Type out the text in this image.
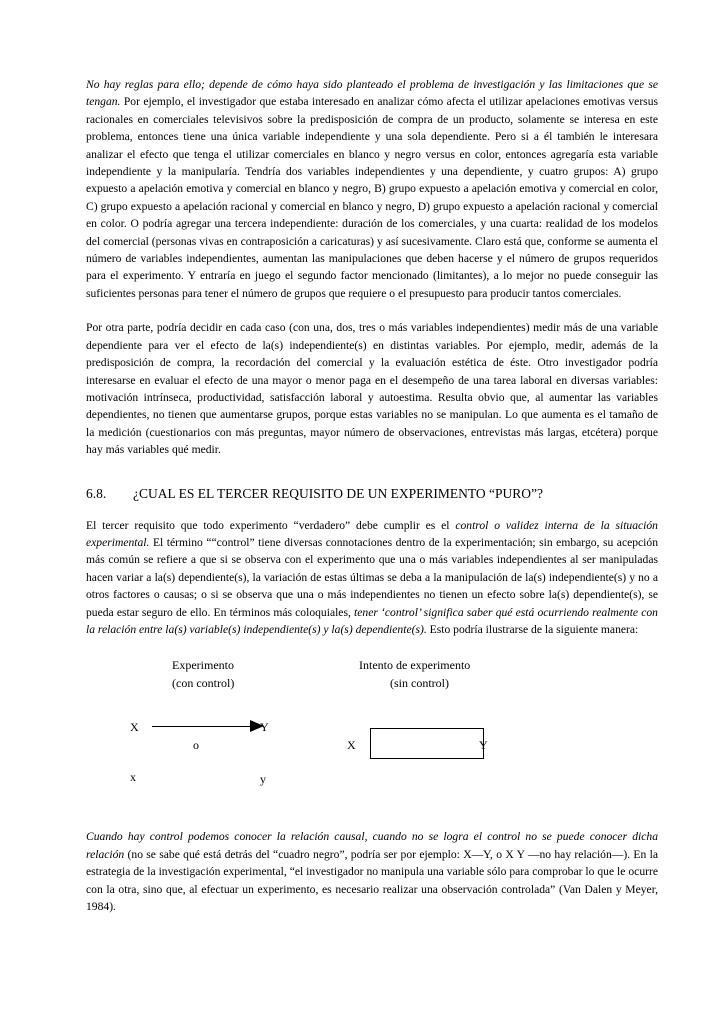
No hay reglas para ello; depende de cómo haya sido planteado el problema de investigación y las limitaciones que se tengan. Por ejemplo, el investigador que estaba interesado en analizar cómo afecta el utilizar apelaciones emotivas versus racionales en comerciales televisivos sobre la predisposición de compra de un producto, solamente se interesa en este problema, entonces tiene una única variable independiente y una sola dependiente. Pero si a él también le interesara analizar el efecto que tenga el utilizar comerciales en blanco y negro versus en color, entonces agregaría esta variable independiente y la manipularía. Tendría dos variables independientes y una dependiente, y cuatro grupos: A) grupo expuesto a apelación emotiva y comercial en blanco y negro, B) grupo expuesto a apelación emotiva y comercial en color, C) grupo expuesto a apelación racional y comercial en blanco y negro, D) grupo expuesto a apelación racional y comercial en color. O podría agregar una tercera independiente: duración de los comerciales, y una cuarta: realidad de los modelos del comercial (personas vivas en contraposición a caricaturas) y así sucesivamente. Claro está que, conforme se aumenta el número de variables independientes, aumentan las manipulaciones que deben hacerse y el número de grupos requeridos para el experimento. Y entraría en juego el segundo factor mencionado (limitantes), a lo mejor no puede conseguir las suficientes personas para tener el número de grupos que requiere o el presupuesto para producir tantos comerciales.

Por otra parte, podría decidir en cada caso (con una, dos, tres o más variables independientes) medir más de una variable dependiente para ver el efecto de la(s) independiente(s) en distintas variables. Por ejemplo, medir, además de la predisposición de compra, la recordación del comercial y la evaluación estética de éste. Otro investigador podría interesarse en evaluar el efecto de una mayor o menor paga en el desempeño de una tarea laboral en diversas variables: motivación intrínseca, productividad, satisfacción laboral y autoestima. Resulta obvio que, al aumentar las variables dependientes, no tienen que aumentarse grupos, porque estas variables no se manipulan. Lo que aumenta es el tamaño de la medición (cuestionarios con más preguntas, mayor número de observaciones, entrevistas más largas, etcétera) porque hay más variables qué medir.

6.8.	¿CUAL ES EL TERCER REQUISITO DE UN EXPERIMENTO “PURO”?

El tercer requisito que todo experimento “verdadero” debe cumplir es el control o validez interna de la situación experimental. El término ““control” tiene diversas connotaciones dentro de la experimentación; sin embargo, su acepción más común se refiere a que si se observa con el experimento que una o más variables independientes al ser manipuladas hacen variar a la(s) dependiente(s), la variación de estas últimas se deba a la manipulación de la(s) independiente(s) y no a otros factores o causas; o si se observa que una o más independientes no tienen un efecto sobre la(s) dependiente(s), se pueda estar seguro de ello. En términos más coloquiales, tener ‘control’ significa saber qué está ocurriendo realmente con la relación entre la(s) variable(s) independiente(s) y la(s) dependiente(s). Esto podría ilustrarse de la siguiente manera:

Experimento
(con control)
Intento de experimento
(sin control)
X	Y
o
x	y
X	Y

Cuando hay control podemos conocer la relación causal, cuando no se logra el control no se puede conocer dicha relación (no se sabe qué está detrás del “cuadro negro”, podría ser por ejemplo: X—Y, o X Y —no hay relación—). En la estrategia de la investigación experimental, “el investigador no manipula una variable sólo para comprobar lo que le ocurre con la otra, sino que, al efectuar un experimento, es necesario realizar una observación controlada” (Van Dalen y Meyer, 1984).
